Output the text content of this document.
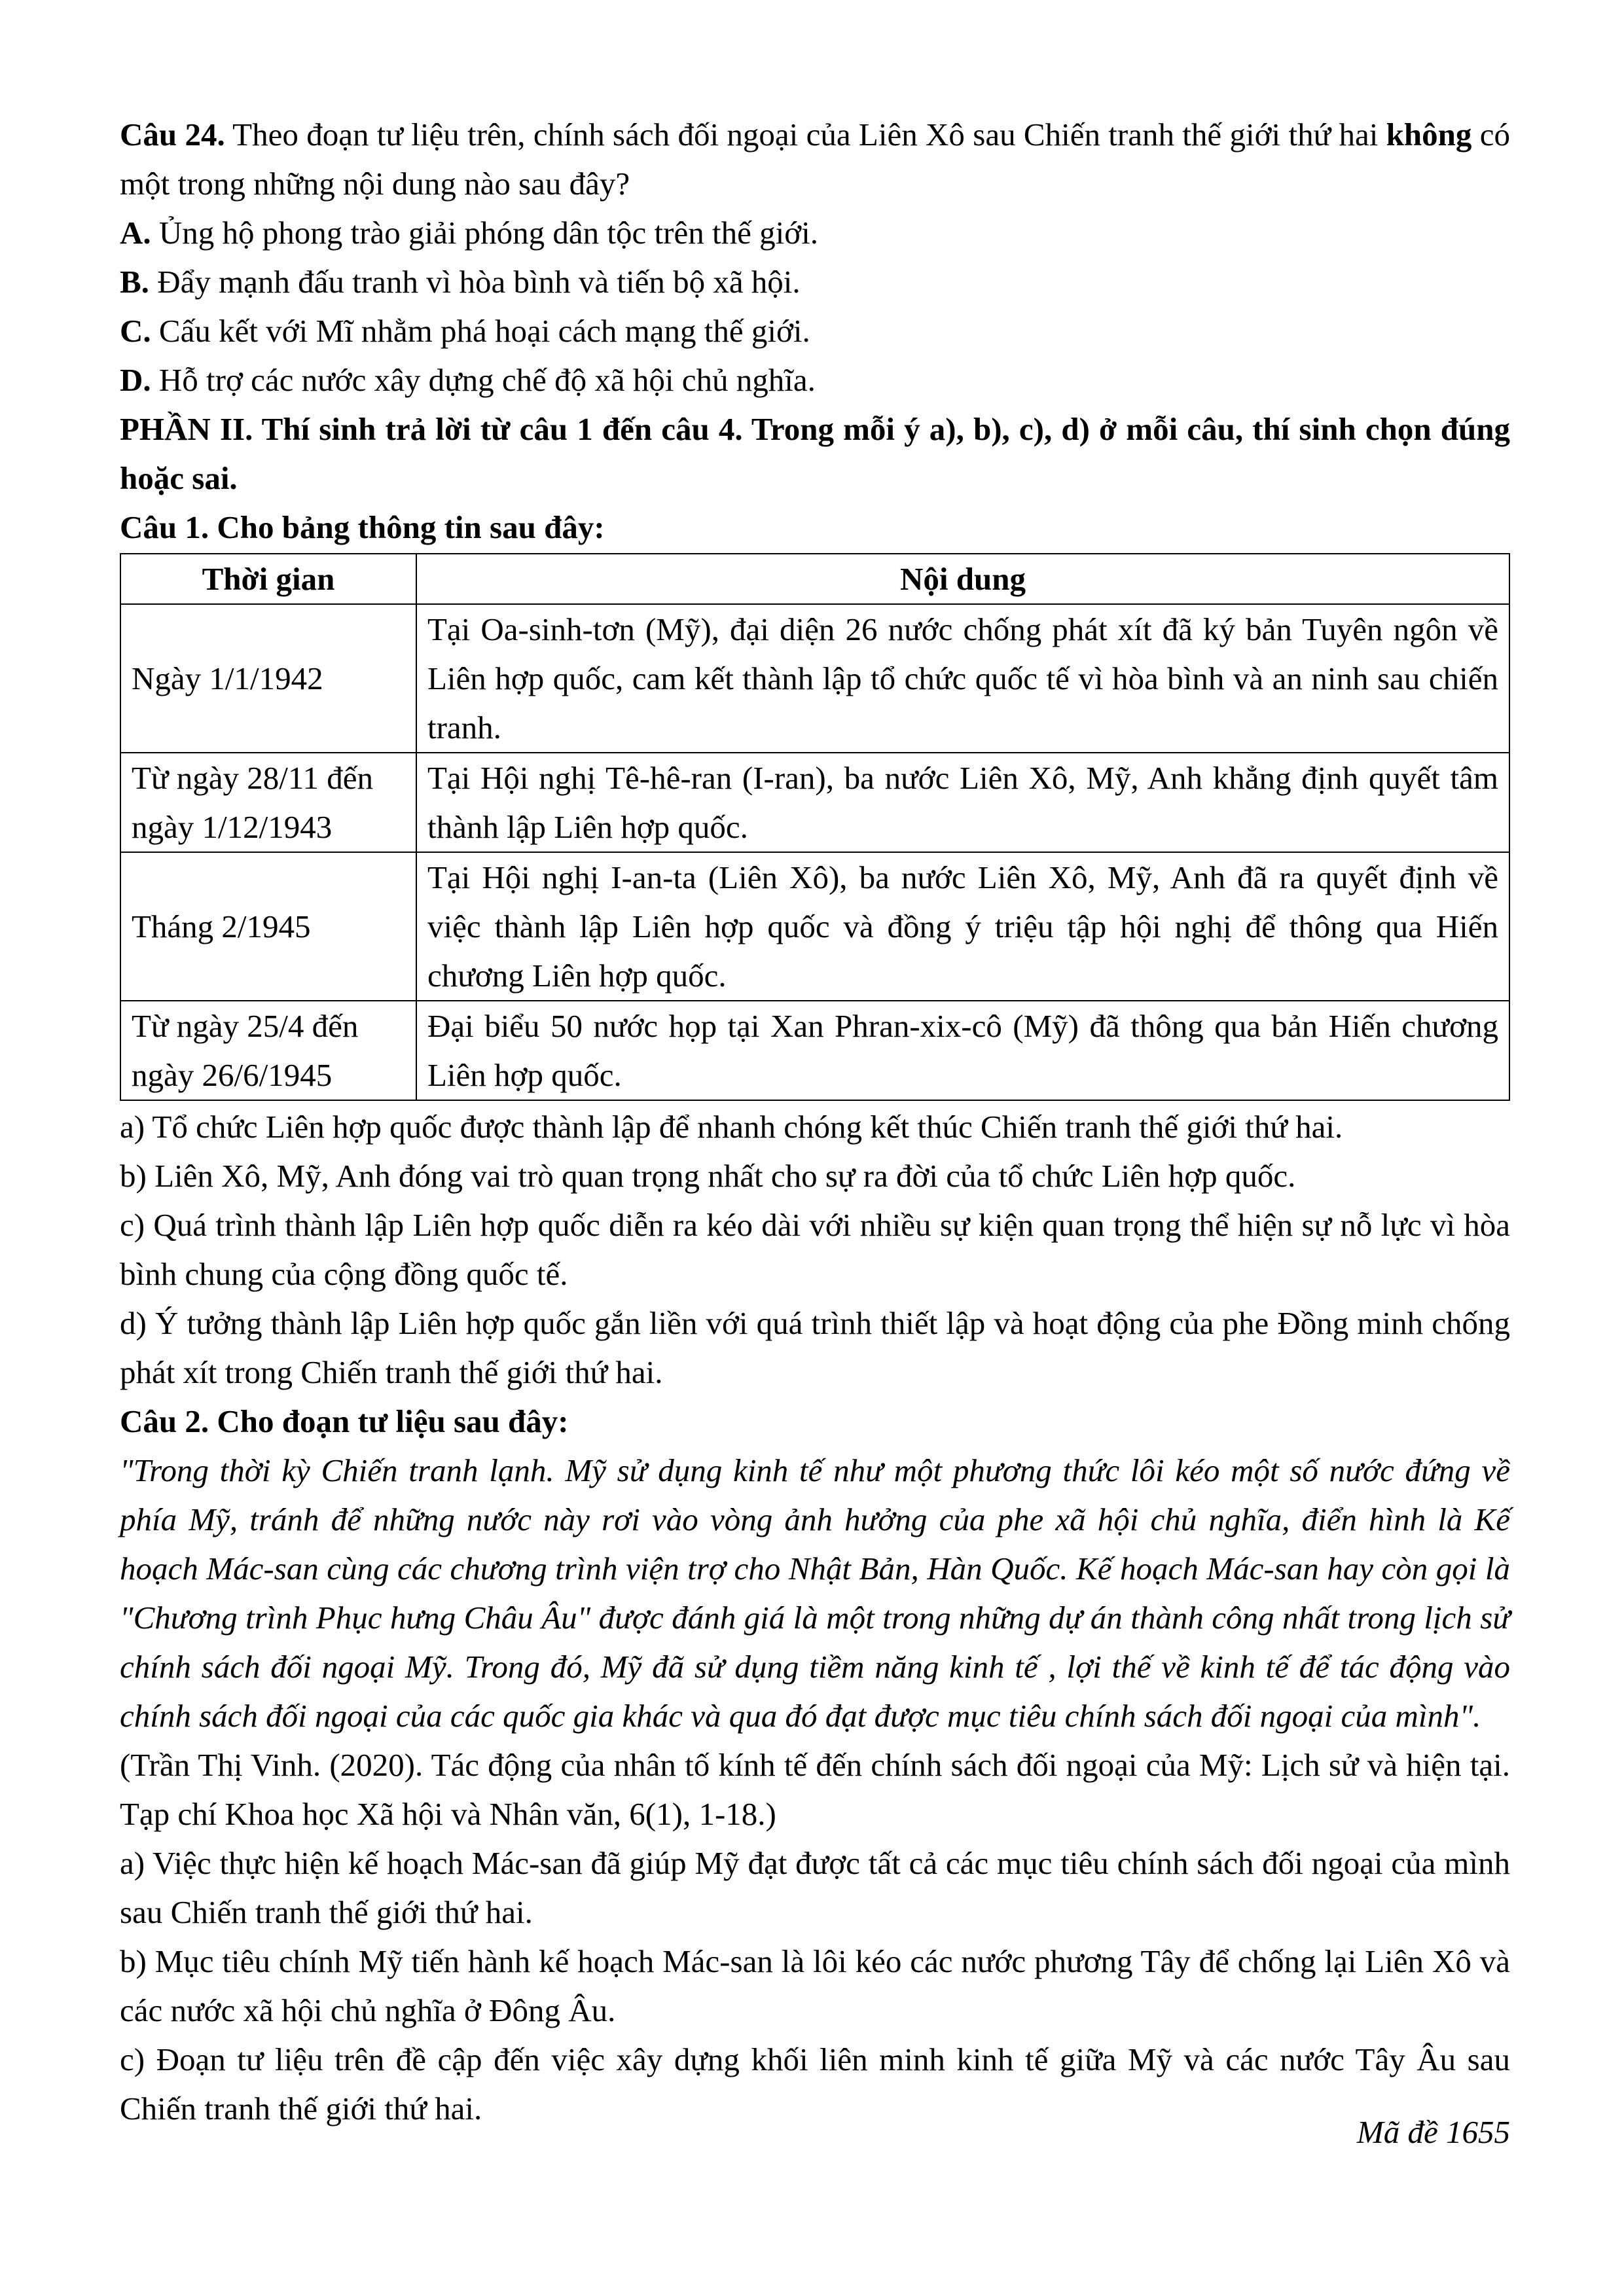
Câu 24. Theo đoạn tư liệu trên, chính sách đối ngoại của Liên Xô sau Chiến tranh thế giới thứ hai không có một trong những nội dung nào sau đây?

A. Ủng hộ phong trào giải phóng dân tộc trên thế giới.

B. Đẩy mạnh đấu tranh vì hòa bình và tiến bộ xã hội.

C. Cấu kết với Mĩ nhằm phá hoại cách mạng thế giới.

D. Hỗ trợ các nước xây dựng chế độ xã hội chủ nghĩa.

PHẦN II. Thí sinh trả lời từ câu 1 đến câu 4. Trong mỗi ý a), b), c), d) ở mỗi câu, thí sinh chọn đúng hoặc sai.

Câu 1. Cho bảng thông tin sau đây:

Thời gian	Nội dung
Ngày 1/1/1942	Tại Oa-sinh-tơn (Mỹ), đại diện 26 nước chống phát xít đã ký bản Tuyên ngôn về Liên hợp quốc, cam kết thành lập tổ chức quốc tế vì hòa bình và an ninh sau chiến tranh.
Từ ngày 28/11 đến ngày 1/12/1943	Tại Hội nghị Tê-hê-ran (I-ran), ba nước Liên Xô, Mỹ, Anh khẳng định quyết tâm thành lập Liên hợp quốc.
Tháng 2/1945	Tại Hội nghị I-an-ta (Liên Xô), ba nước Liên Xô, Mỹ, Anh đã ra quyết định về việc thành lập Liên hợp quốc và đồng ý triệu tập hội nghị để thông qua Hiến chương Liên hợp quốc.
Từ ngày 25/4 đến ngày 26/6/1945	Đại biểu 50 nước họp tại Xan Phran-xix-cô (Mỹ) đã thông qua bản Hiến chương Liên hợp quốc.

a) Tổ chức Liên hợp quốc được thành lập để nhanh chóng kết thúc Chiến tranh thế giới thứ hai.

b) Liên Xô, Mỹ, Anh đóng vai trò quan trọng nhất cho sự ra đời của tổ chức Liên hợp quốc.

c) Quá trình thành lập Liên hợp quốc diễn ra kéo dài với nhiều sự kiện quan trọng thể hiện sự nỗ lực vì hòa bình chung của cộng đồng quốc tế.

d) Ý tưởng thành lập Liên hợp quốc gắn liền với quá trình thiết lập và hoạt động của phe Đồng minh chống phát xít trong Chiến tranh thế giới thứ hai.

Câu 2. Cho đoạn tư liệu sau đây:

"Trong thời kỳ Chiến tranh lạnh. Mỹ sử dụng kinh tế như một phương thức lôi kéo một số nước đứng về phía Mỹ, tránh để những nước này rơi vào vòng ảnh hưởng của phe xã hội chủ nghĩa, điển hình là Kế hoạch Mác-san cùng các chương trình viện trợ cho Nhật Bản, Hàn Quốc. Kế hoạch Mác-san hay còn gọi là "Chương trình Phục hưng Châu Âu" được đánh giá là một trong những dự án thành công nhất trong lịch sử chính sách đối ngoại Mỹ. Trong đó, Mỹ đã sử dụng tiềm năng kinh tế , lợi thế về kinh tế để tác động vào chính sách đối ngoại của các quốc gia khác và qua đó đạt được mục tiêu chính sách đối ngoại của mình".

(Trần Thị Vinh. (2020). Tác động của nhân tố kính tế đến chính sách đối ngoại của Mỹ: Lịch sử và hiện tại. Tạp chí Khoa học Xã hội và Nhân văn, 6(1), 1-18.)

a) Việc thực hiện kế hoạch Mác-san đã giúp Mỹ đạt được tất cả các mục tiêu chính sách đối ngoại của mình sau Chiến tranh thế giới thứ hai.

b) Mục tiêu chính Mỹ tiến hành kế hoạch Mác-san là lôi kéo các nước phương Tây để chống lại Liên Xô và các nước xã hội chủ nghĩa ở Đông Âu.

c) Đoạn tư liệu trên đề cập đến việc xây dựng khối liên minh kinh tế giữa Mỹ và các nước Tây Âu sau Chiến tranh thế giới thứ hai.

Mã đề 1655
